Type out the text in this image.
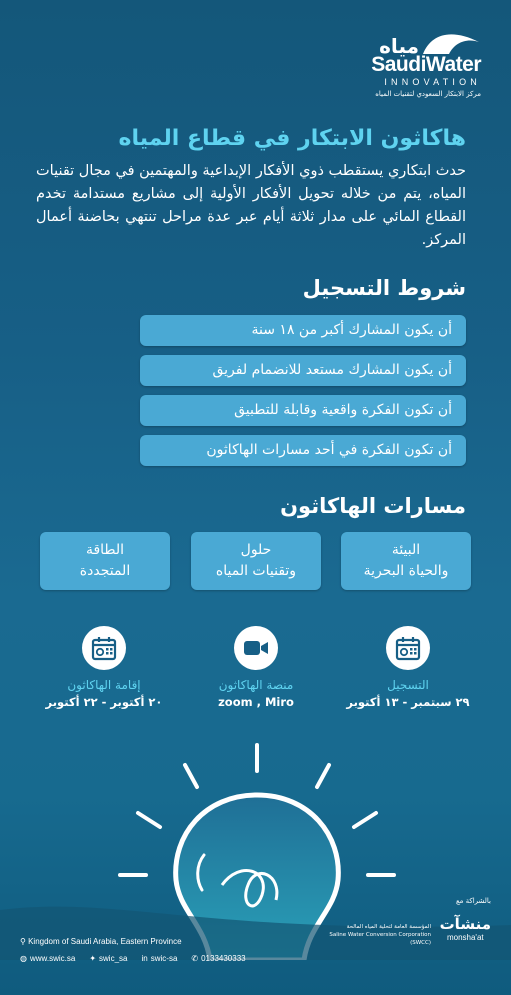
مياه
SaudiWater
INNOVATION
مركز الابتكار السعودي لتقنيات المياه
هاكاثون الابتكار في قطاع المياه
حدث ابتكاري يستقطب ذوي الأفكار الإبداعية والمهتمين في مجال تقنيات المياه، يتم من خلاله تحويل الأفكار الأولية إلى مشاريع مستدامة تخدم القطاع المائي على مدار ثلاثة أيام عبر عدة مراحل تنتهي بحاضنة أعمال المركز.
شروط التسجيل
أن يكون المشارك أكبر من ١٨ سنة
أن يكون المشارك مستعد للانضمام لفريق
أن تكون الفكرة واقعية وقابلة للتطبيق
أن تكون الفكرة في أحد مسارات الهاكاثون
مسارات الهاكاثون
البيئة
والحياة البحرية
حلول
وتقنيات المياه
الطاقة
المتجددة
التسجيل
٢٩ سبتمبر - ١٣ أكتوبر
منصة الهاكاثون
zoom , Miro
إقامة الهاكاثون
٢٠ أكتوبر - ٢٢ أكتوبر
بالشراكة مع
منشآت
monsha'at
المؤسسة العامة لتحلية المياه المالحة
Saline Water Conversion Corporation (SWCC)
⚲ Kingdom of Saudi Arabia, Eastern Province
◍ www.swic.sa ✦ swic_sa in swic-sa ✆ 0133430333
